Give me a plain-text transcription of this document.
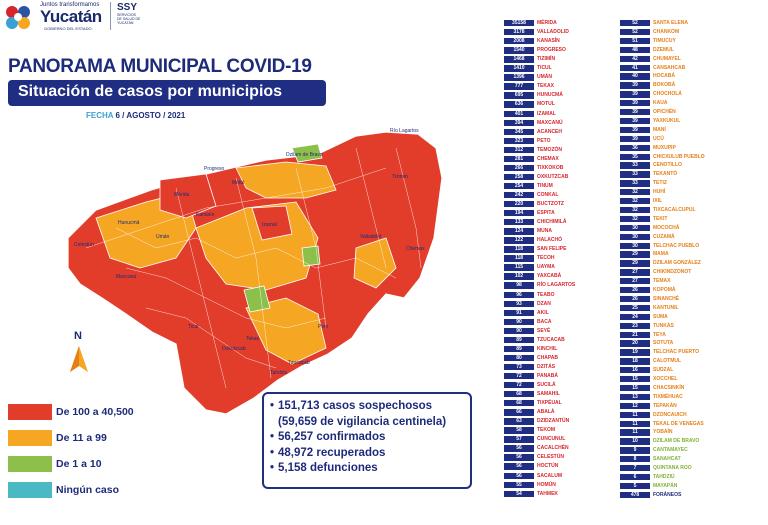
Juntos transformamos
Yucatán
GOBIERNO DEL ESTADO
SSY
SERVICIOS DE SALUD DE YUCATÁN
PANORAMA MUNICIPAL COVID-19
Situación de casos por municipios
FECHA 6 / AGOSTO / 2021
Río Lagartos
Dzilam de Bravo
Tizimín
Valladolid
Peto
Tekax
Ticul
Mérida
Progreso
Oxkutzcab
Izamal
Motul
Chemax
Tzucacab
Tahdziu
Celestún
Hunucmá
Maxcanú
Kanasín
Umán
N
De 100 a 40,500
De 11 a 99
De 1 a 10
Ningún caso
• 151,713 casos sospechosos
(59,659 de vigilancia centinela)
• 56,257 confirmados
• 48,972 recuperados
• 5,158 defunciones
35158	MÉRIDA
3178	VALLADOLID
2008	KANASÍN
1540	PROGRESO
1468	TIZIMÍN
1410	TICUL
1396	UMÁN
777	TEKAX
695	HUNUCMÁ
636	MOTUL
401	IZAMAL
394	MAXCANÚ
345	ACANCEH
323	PETO
312	TEMOZÓN
281	CHEMAX
266	TIXKOKOB
258	OXKUTZCAB
254	TINUM
242	CONKAL
220	BUCTZOTZ
194	ESPITA
133	CHICHIMILÁ
124	MUNA
122	HALACHÓ
118	SAN FELIPE
118	TECOH
115	UAYMA
102	YAXCABÁ
98	RÍO LAGARTOS
96	TEABO
93	DZAN
91	AKIL
90	BACA
90	SEYÉ
89	TZUCACAB
89	KINCHIL
80	CHAPAB
73	DZITÁS
72	PANABÁ
72	SUCILÁ
68	SAMAHIL
68	TIXPÉUAL
66	ABALÁ
63	DZIDZANTÚN
58	TEKOM
57	CUNCUNUL
56	CACALCHÉN
56	CELESTÚN
56	HOCTÚN
56	SACALUM
55	HOMÚN
54	TAHMEK
52	SANTA ELENA
52	CHANKOM
51	TIMUCUY
48	DZEMUL
42	CHUMAYEL
41	CANSAHCAB
40	HOCABÁ
39	BOKOBÁ
39	CHOCHOLÁ
39	KAUA
39	OPICHÉN
39	YAXKUKUL
39	MANÍ
39	UCÚ
36	MUXUPIP
35	CHICXULUB PUEBLO
33	CENOTILLO
33	TEKANTÓ
33	TETIZ
32	HUHÍ
32	IXIL
32	TIXCACALCUPUL
32	TEKIT
30	MOCOCHÁ
30	CUZAMÁ
30	TELCHAC PUEBLO
29	MAMA
29	DZILAM GONZÁLEZ
27	CHIKINDZONOT
27	TEMAX
26	KOPOMÁ
26	SINANCHÉ
25	KANTUNIL
24	SUMA
23	TUNKÁS
21	TEYA
20	SOTUTA
19	TELCHAC PUERTO
18	CALOTMUL
16	SUDZAL
15	XOCCHEL
15	CHACSINKÍN
13	TIXMÉHUAC
12	TEPAKÁN
11	DZONCAUICH
11	TEKAL DE VENEGAS
11	YOBAÍN
10	DZILAM DE BRAVO
9	CANTAMAYEC
8	SANAHCAT
7	QUINTANA ROO
6	TAHDZIÚ
5	MAYAPÁN
478	FORÁNEOS
